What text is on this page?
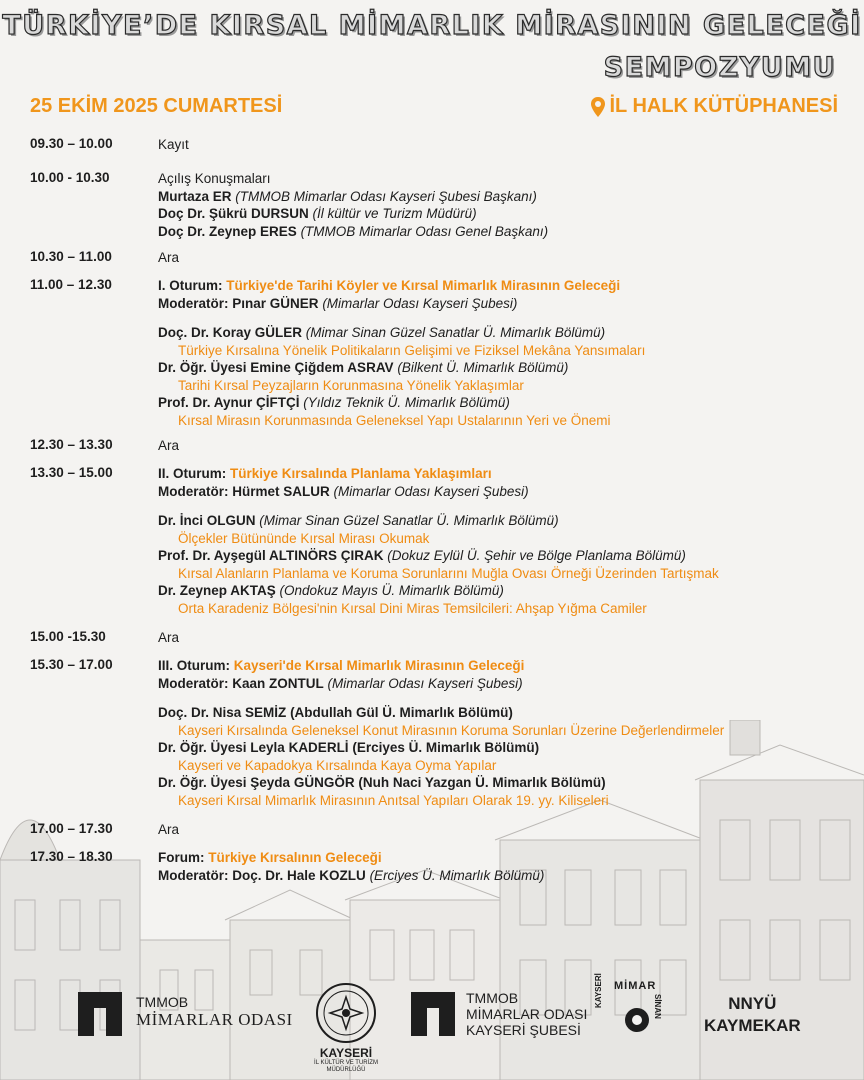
TÜRKİYE’DE KIRSAL MİMARLIK MİRASININ GELECEĞİ
SEMPOZYUMU
25 EKİM 2025 CUMARTESİ	İL HALK KÜTÜPHANESİ
09.30 – 10.00	Kayıt
10.00 - 10.30	Açılış Konuşmaları
Murtaza ER (TMMOB Mimarlar Odası Kayseri Şubesi Başkanı)
Doç Dr. Şükrü DURSUN (İl kültür ve Turizm Müdürü)
Doç Dr. Zeynep ERES (TMMOB Mimarlar Odası Genel Başkanı)
10.30 – 11.00	Ara
11.00 – 12.30	I. Oturum: Türkiye'de Tarihi Köyler ve Kırsal Mimarlık Mirasının Geleceği
Moderatör: Pınar GÜNER (Mimarlar Odası Kayseri Şubesi)
Doç. Dr. Koray GÜLER (Mimar Sinan Güzel Sanatlar Ü. Mimarlık Bölümü)
Türkiye Kırsalına Yönelik Politikaların Gelişimi ve Fiziksel Mekâna Yansımaları
Dr. Öğr. Üyesi Emine Çiğdem ASRAV (Bilkent Ü. Mimarlık Bölümü)
Tarihi Kırsal Peyzajların Korunmasına Yönelik Yaklaşımlar
Prof. Dr. Aynur ÇİFTÇİ (Yıldız Teknik Ü. Mimarlık Bölümü)
Kırsal Mirasın Korunmasında Geleneksel Yapı Ustalarının Yeri ve Önemi
12.30 – 13.30	Ara
13.30 – 15.00	II. Oturum: Türkiye Kırsalında Planlama Yaklaşımları
Moderatör: Hürmet SALUR (Mimarlar Odası Kayseri Şubesi)
Dr. İnci OLGUN (Mimar Sinan Güzel Sanatlar Ü. Mimarlık Bölümü)
Ölçekler Bütününde Kırsal Mirası Okumak
Prof. Dr. Ayşegül ALTINÖRS ÇIRAK (Dokuz Eylül Ü. Şehir ve Bölge Planlama Bölümü)
Kırsal Alanların Planlama ve Koruma Sorunlarını Muğla Ovası Örneği Üzerinden Tartışmak
Dr. Zeynep AKTAŞ (Ondokuz Mayıs Ü. Mimarlık Bölümü)
Orta Karadeniz Bölgesi'nin Kırsal Dini Miras Temsilcileri: Ahşap Yığma Camiler
15.00 -15.30	Ara
15.30 – 17.00	III. Oturum: Kayseri'de Kırsal Mimarlık Mirasının Geleceği
Moderatör: Kaan ZONTUL (Mimarlar Odası Kayseri Şubesi)
Doç. Dr. Nisa SEMİZ (Abdullah Gül Ü. Mimarlık Bölümü)
Kayseri Kırsalında Geleneksel Konut Mirasının Koruma Sorunları Üzerine Değerlendirmeler
Dr. Öğr. Üyesi Leyla KADERLİ (Erciyes Ü. Mimarlık Bölümü)
Kayseri ve Kapadokya Kırsalında Kaya Oyma Yapılar
Dr. Öğr. Üyesi Şeyda GÜNGÖR (Nuh Naci Yazgan Ü. Mimarlık Bölümü)
Kayseri Kırsal Mimarlık Mirasının Anıtsal Yapıları Olarak 19. yy. Kiliseleri
17.00 – 17.30	Ara
17.30 – 18.30	Forum: Türkiye Kırsalının Geleceği
Moderatör: Doç. Dr. Hale KOZLU (Erciyes Ü. Mimarlık Bölümü)
TMMOB
MİMARLAR ODASI
KAYSERİ
İL KÜLTÜR VE TURİZM
MÜDÜRLÜĞÜ
TMMOB
MİMARLAR ODASI
KAYSERİ ŞUBESİ
MİMAR
KAYSERİ	SİNAN	NNYÜ
KAYMEKAR
